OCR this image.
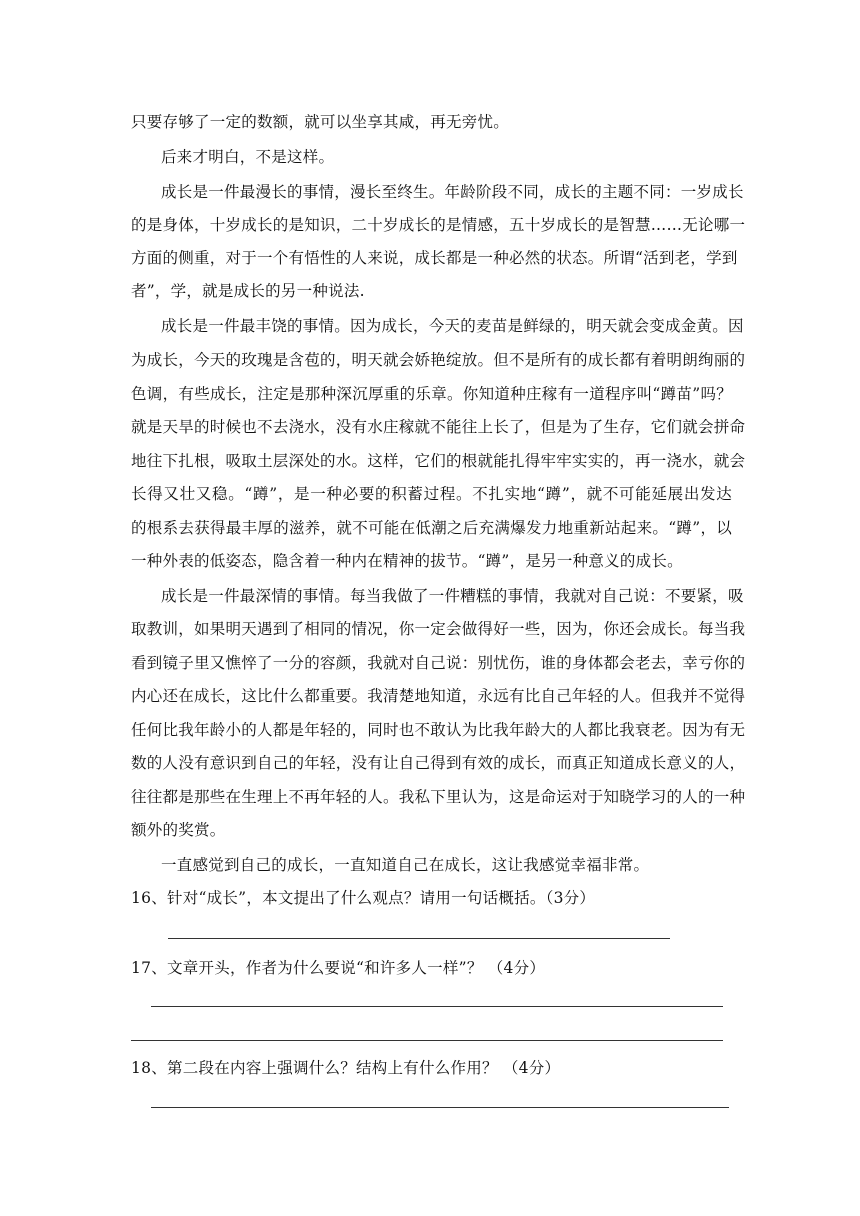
只要存够了一定的数额，就可以坐享其咸，再无旁忧。
后来才明白，不是这样。
成长是一件最漫长的事情，漫长至终生。年龄阶段不同，成长的主题不同：一岁成长
的是身体，十岁成长的是知识，二十岁成长的是情感，五十岁成长的是智慧……无论哪一
方面的侧重，对于一个有悟性的人来说，成长都是一种必然的状态。所谓“活到老，学到
者”，学，就是成长的另一种说法.
成长是一件最丰饶的事情。因为成长，今天的麦苗是鲜绿的，明天就会变成金黄。因
为成长，今天的玫瑰是含苞的，明天就会娇艳绽放。但不是所有的成长都有着明朗绚丽的
色调，有些成长，注定是那种深沉厚重的乐章。你知道种庄稼有一道程序叫“蹲苗”吗？
就是天旱的时候也不去浇水，没有水庄稼就不能往上长了，但是为了生存，它们就会拼命
地往下扎根，吸取土层深处的水。这样，它们的根就能扎得牢牢实实的，再一浇水，就会
长得又壮又稳。“蹲”，是一种必要的积蓄过程。不扎实地“蹲”，就不可能延展出发达
的根系去获得最丰厚的滋养，就不可能在低潮之后充满爆发力地重新站起来。“蹲”，以
一种外表的低姿态，隐含着一种内在精神的拔节。“蹲”，是另一种意义的成长。
成长是一件最深情的事情。每当我做了一件糟糕的事情，我就对自己说：不要紧，吸
取教训，如果明天遇到了相同的情况，你一定会做得好一些，因为，你还会成长。每当我
看到镜子里又憔悴了一分的容颜，我就对自己说：别忧伤，谁的身体都会老去，幸亏你的
内心还在成长，这比什么都重要。我清楚地知道，永远有比自己年轻的人。但我并不觉得
任何比我年龄小的人都是年轻的，同时也不敢认为比我年龄大的人都比我衰老。因为有无
数的人没有意识到自己的年轻，没有让自己得到有效的成长，而真正知道成长意义的人，
往往都是那些在生理上不再年轻的人。我私下里认为，这是命运对于知晓学习的人的一种
额外的奖赏。
一直感觉到自己的成长，一直知道自己在成长，这让我感觉幸福非常。
16、针对“成长”，本文提出了什么观点？请用一句话概括。（3分）
17、文章开头，作者为什么要说“和许多人一样”？ （4分）
18、第二段在内容上强调什么？结构上有什么作用？ （4分）
